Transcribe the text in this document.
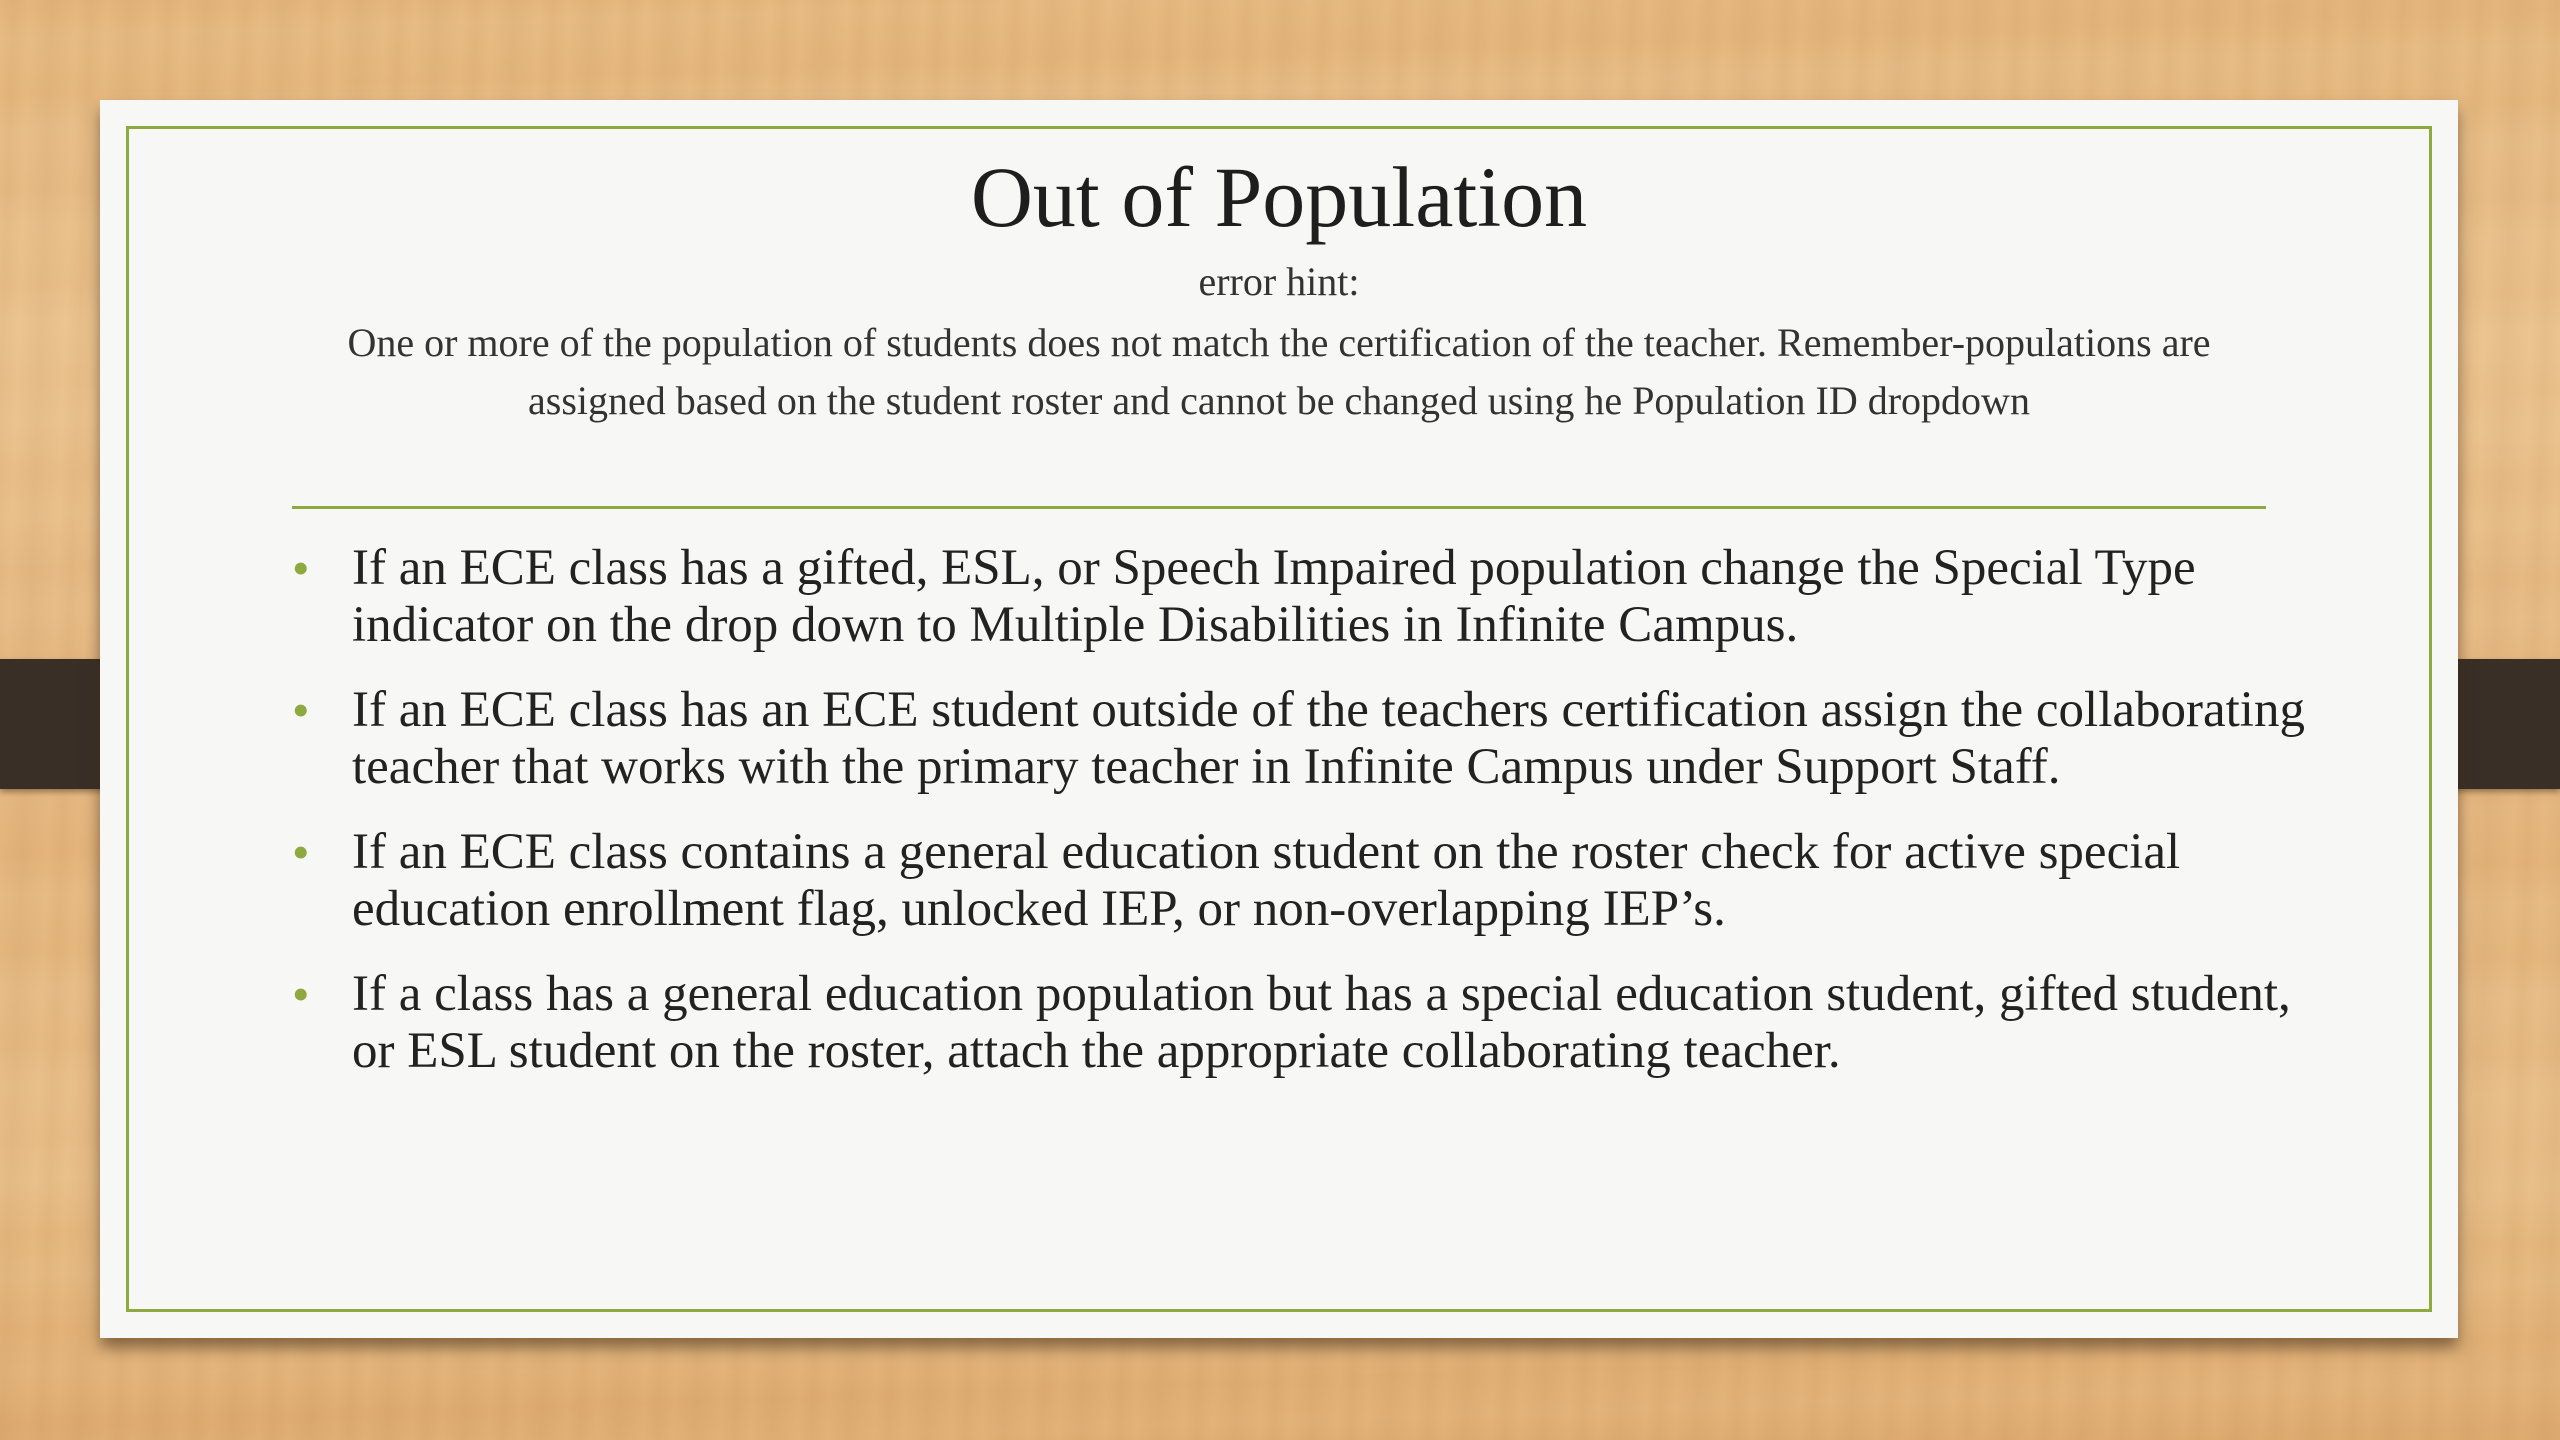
Out of Population
error hint:
One or more of the population of students does not match the certification of the teacher. Remember-populations are assigned based on the student roster and cannot be changed using he Population ID dropdown
• If an ECE class has a gifted, ESL, or Speech Impaired population change the Special Type indicator on the drop down to Multiple Disabilities in Infinite Campus.
• If an ECE class has an ECE student outside of the teachers certification assign the collaborating teacher that works with the primary teacher in Infinite Campus under Support Staff.
• If an ECE class contains a general education student on the roster check for active special education enrollment flag, unlocked IEP, or non-overlapping IEP’s.
• If a class has a general education population but has a special education student, gifted student, or ESL student on the roster, attach the appropriate collaborating teacher.
